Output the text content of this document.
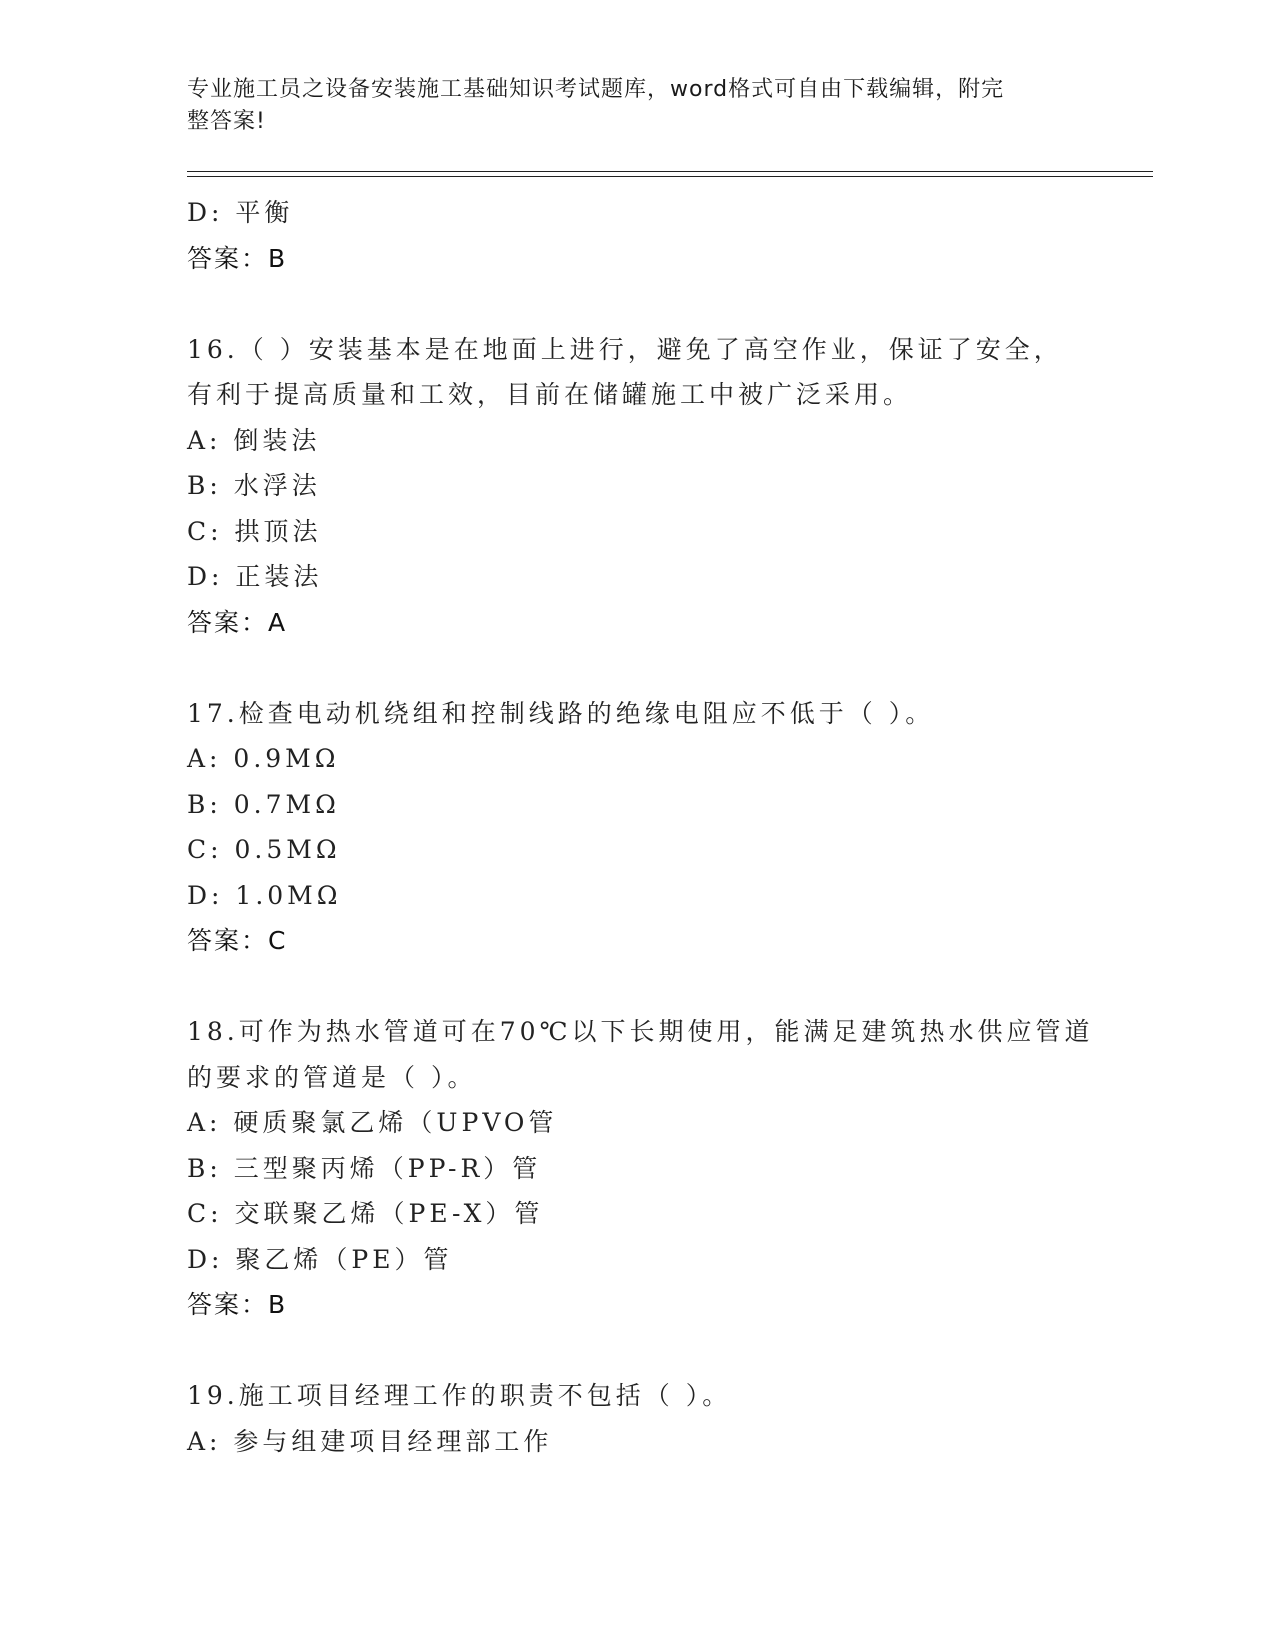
专业施工员之设备安装施工基础知识考试题库，word格式可自由下载编辑，附完
整答案!
D: 平衡
答案：B
16.（ ）安装基本是在地面上进行，避免了高空作业，保证了安全，
有利于提高质量和工效，目前在储罐施工中被广泛采用。
A: 倒装法
B: 水浮法
C: 拱顶法
D: 正装法
答案：A
17.检查电动机绕组和控制线路的绝缘电阻应不低于（ ）。
A: 0.9MΩ
B: 0.7MΩ
C: 0.5MΩ
D: 1.0MΩ
答案：C
18.可作为热水管道可在70℃以下长期使用，能满足建筑热水供应管道
的要求的管道是（ ）。
A: 硬质聚氯乙烯（UPVO管
B: 三型聚丙烯（PP-R）管
C: 交联聚乙烯（PE-X）管
D: 聚乙烯（PE）管
答案：B
19.施工项目经理工作的职责不包括（ ）。
A: 参与组建项目经理部工作
